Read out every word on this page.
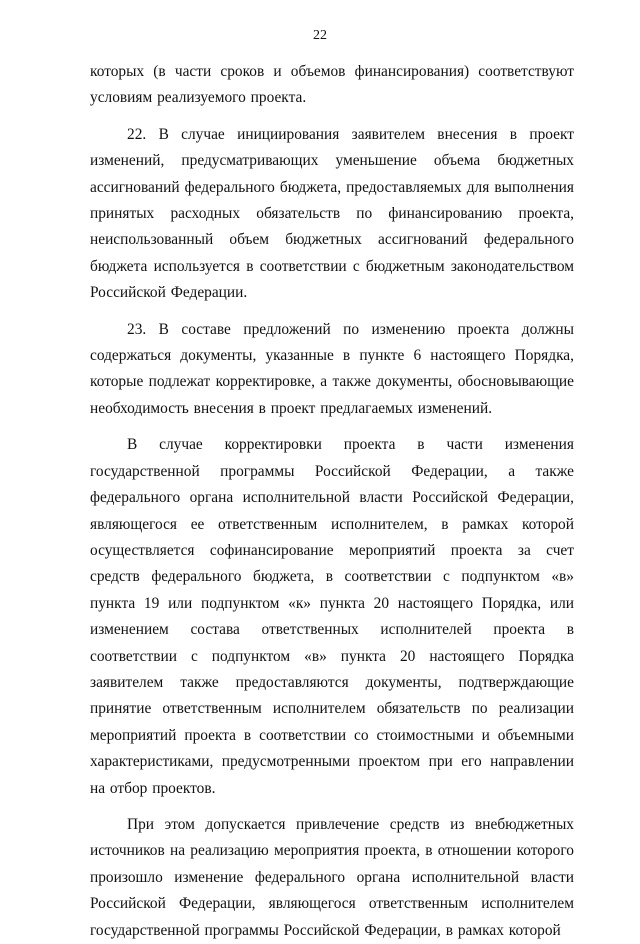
22

которых (в части сроков и объемов финансирования) соответствуют условиям реализуемого проекта.

22. В случае инициирования заявителем внесения в проект изменений, предусматривающих уменьшение объема бюджетных ассигнований федерального бюджета, предоставляемых для выполнения принятых расходных обязательств по финансированию проекта, неиспользованный объем бюджетных ассигнований федерального бюджета используется в соответствии с бюджетным законодательством Российской Федерации.

23. В составе предложений по изменению проекта должны содержаться документы, указанные в пункте 6 настоящего Порядка, которые подлежат корректировке, а также документы, обосновывающие необходимость внесения в проект предлагаемых изменений.

В случае корректировки проекта в части изменения государственной программы Российской Федерации, а также федерального органа исполнительной власти Российской Федерации, являющегося ее ответственным исполнителем, в рамках которой осуществляется софинансирование мероприятий проекта за счет средств федерального бюджета, в соответствии с подпунктом «в» пункта 19 или подпунктом «к» пункта 20 настоящего Порядка, или изменением состава ответственных исполнителей проекта в соответствии с подпунктом «в» пункта 20 настоящего Порядка заявителем также предоставляются документы, подтверждающие принятие ответственным исполнителем обязательств по реализации мероприятий проекта в соответствии со стоимостными и объемными характеристиками, предусмотренными проектом при его направлении на отбор проектов.

При этом допускается привлечение средств из внебюджетных источников на реализацию мероприятия проекта, в отношении которого произошло изменение федерального органа исполнительной власти Российской Федерации, являющегося ответственным исполнителем государственной программы Российской Федерации, в рамках которой
